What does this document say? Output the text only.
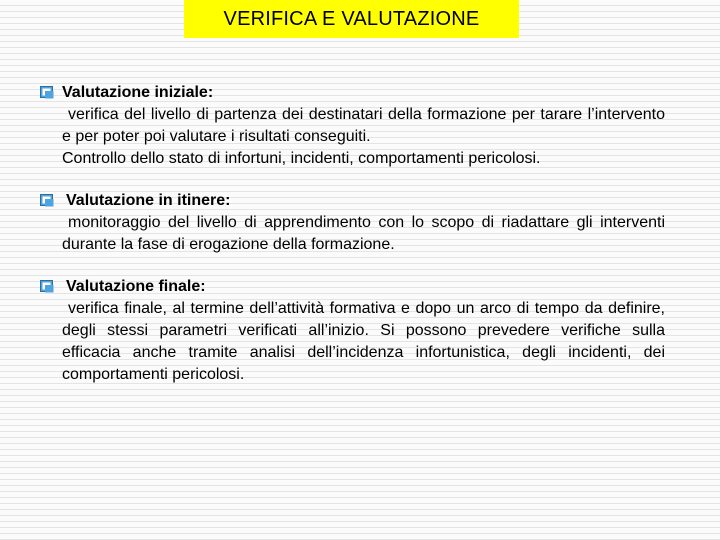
VERIFICA E VALUTAZIONE
Valutazione iniziale:

verifica del livello di partenza dei destinatari della formazione per tarare l’intervento e per poter poi valutare i risultati conseguiti.

Controllo dello stato di infortuni, incidenti, comportamenti pericolosi.

Valutazione in itinere:

monitoraggio del livello di apprendimento con lo scopo di riadattare gli interventi durante la fase di erogazione della formazione.

Valutazione finale:

verifica finale, al termine dell’attività formativa e dopo un arco di tempo da definire, degli stessi parametri verificati all’inizio. Si possono prevedere verifiche sulla efficacia anche tramite analisi dell’incidenza infortunistica, degli incidenti, dei comportamenti pericolosi.
